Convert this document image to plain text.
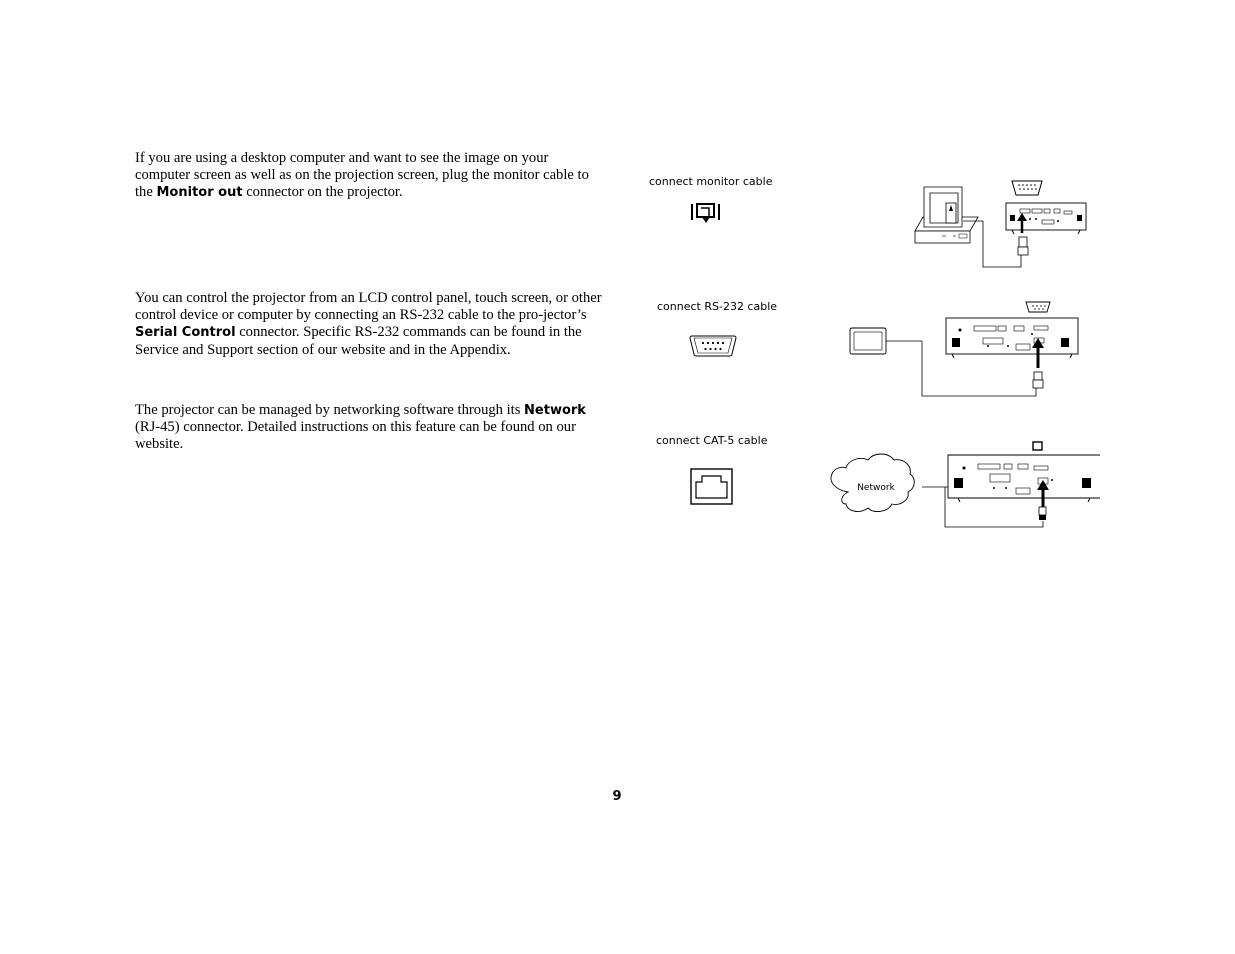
If you are using a desktop computer and want to see the image on your computer screen as well as on the projection screen, plug the monitor cable to the Monitor out connector on the projector.

connect monitor cable

You can control the projector from an LCD control panel, touch screen, or other control device or computer by connecting an RS-232 cable to the pro-jector’s Serial Control connector. Specific RS-232 commands can be found in the Service and Support section of our website and in the Appendix.

connect RS-232 cable

The projector can be managed by networking software through its Network (RJ-45) connector. Detailed instructions on this feature can be found on our website.	connect CAT-5 cable
Network
9
